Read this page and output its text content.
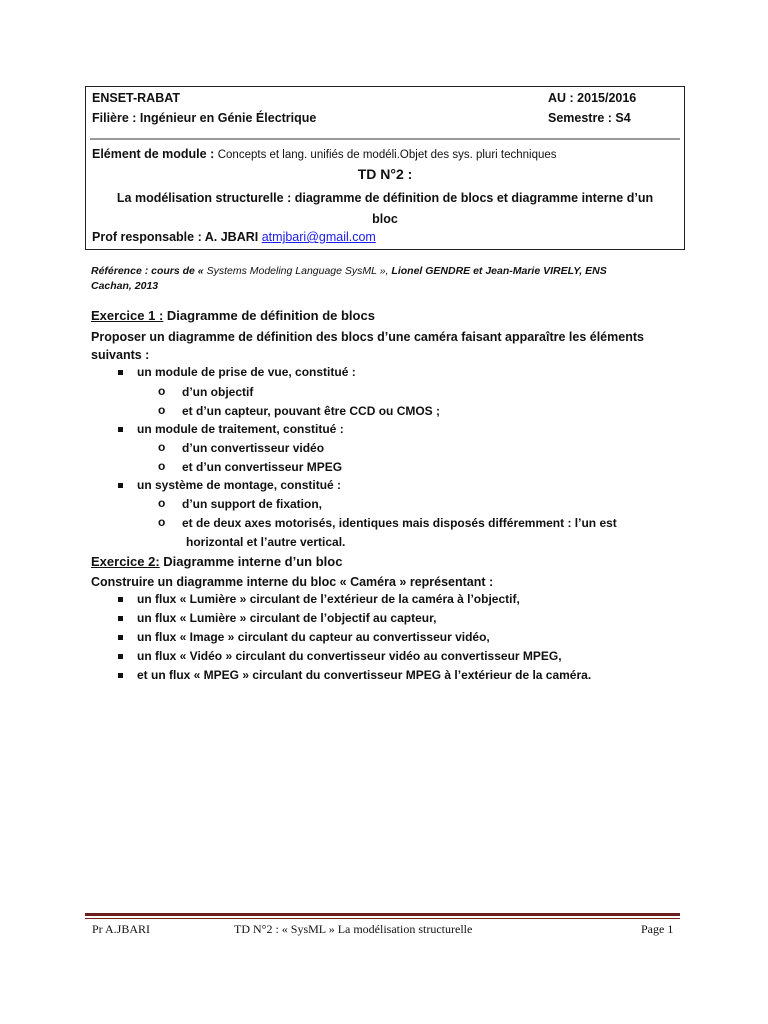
ENSET-RABAT
Filière : Ingénieur en Génie Électrique
AU : 2015/2016
Semestre : S4
Elément de module : Concepts et lang. unifiés de modéli.Objet des sys. pluri techniques
TD N°2 :
La modélisation structurelle : diagramme de définition de blocs et diagramme interne d’un
bloc
Prof responsable : A. JBARI atmjbari@gmail.com
Référence : cours de « Systems Modeling Language SysML », Lionel GENDRE et Jean-Marie VIRELY, ENS
Cachan, 2013
Exercice 1 : Diagramme de définition de blocs
Proposer un diagramme de définition des blocs d’une caméra faisant apparaître les éléments
suivants :
un module de prise de vue, constitué :
o d’un objectif
o et d’un capteur, pouvant être CCD ou CMOS ;
un module de traitement, constitué :
o d’un convertisseur vidéo
o et d’un convertisseur MPEG
un système de montage, constitué :
o d’un support de fixation,
o et de deux axes motorisés, identiques mais disposés différemment : l’un est
horizontal et l’autre vertical.
Exercice 2: Diagramme interne d’un bloc
Construire un diagramme interne du bloc « Caméra » représentant :
un flux « Lumière » circulant de l’extérieur de la caméra à l’objectif,
un flux « Lumière » circulant de l’objectif au capteur,
un flux « Image » circulant du capteur au convertisseur vidéo,
un flux « Vidéo » circulant du convertisseur vidéo au convertisseur MPEG,
et un flux « MPEG » circulant du convertisseur MPEG à l’extérieur de la caméra.
Pr A.JBARI	TD N°2 : « SysML » La modélisation structurelle	Page 1
